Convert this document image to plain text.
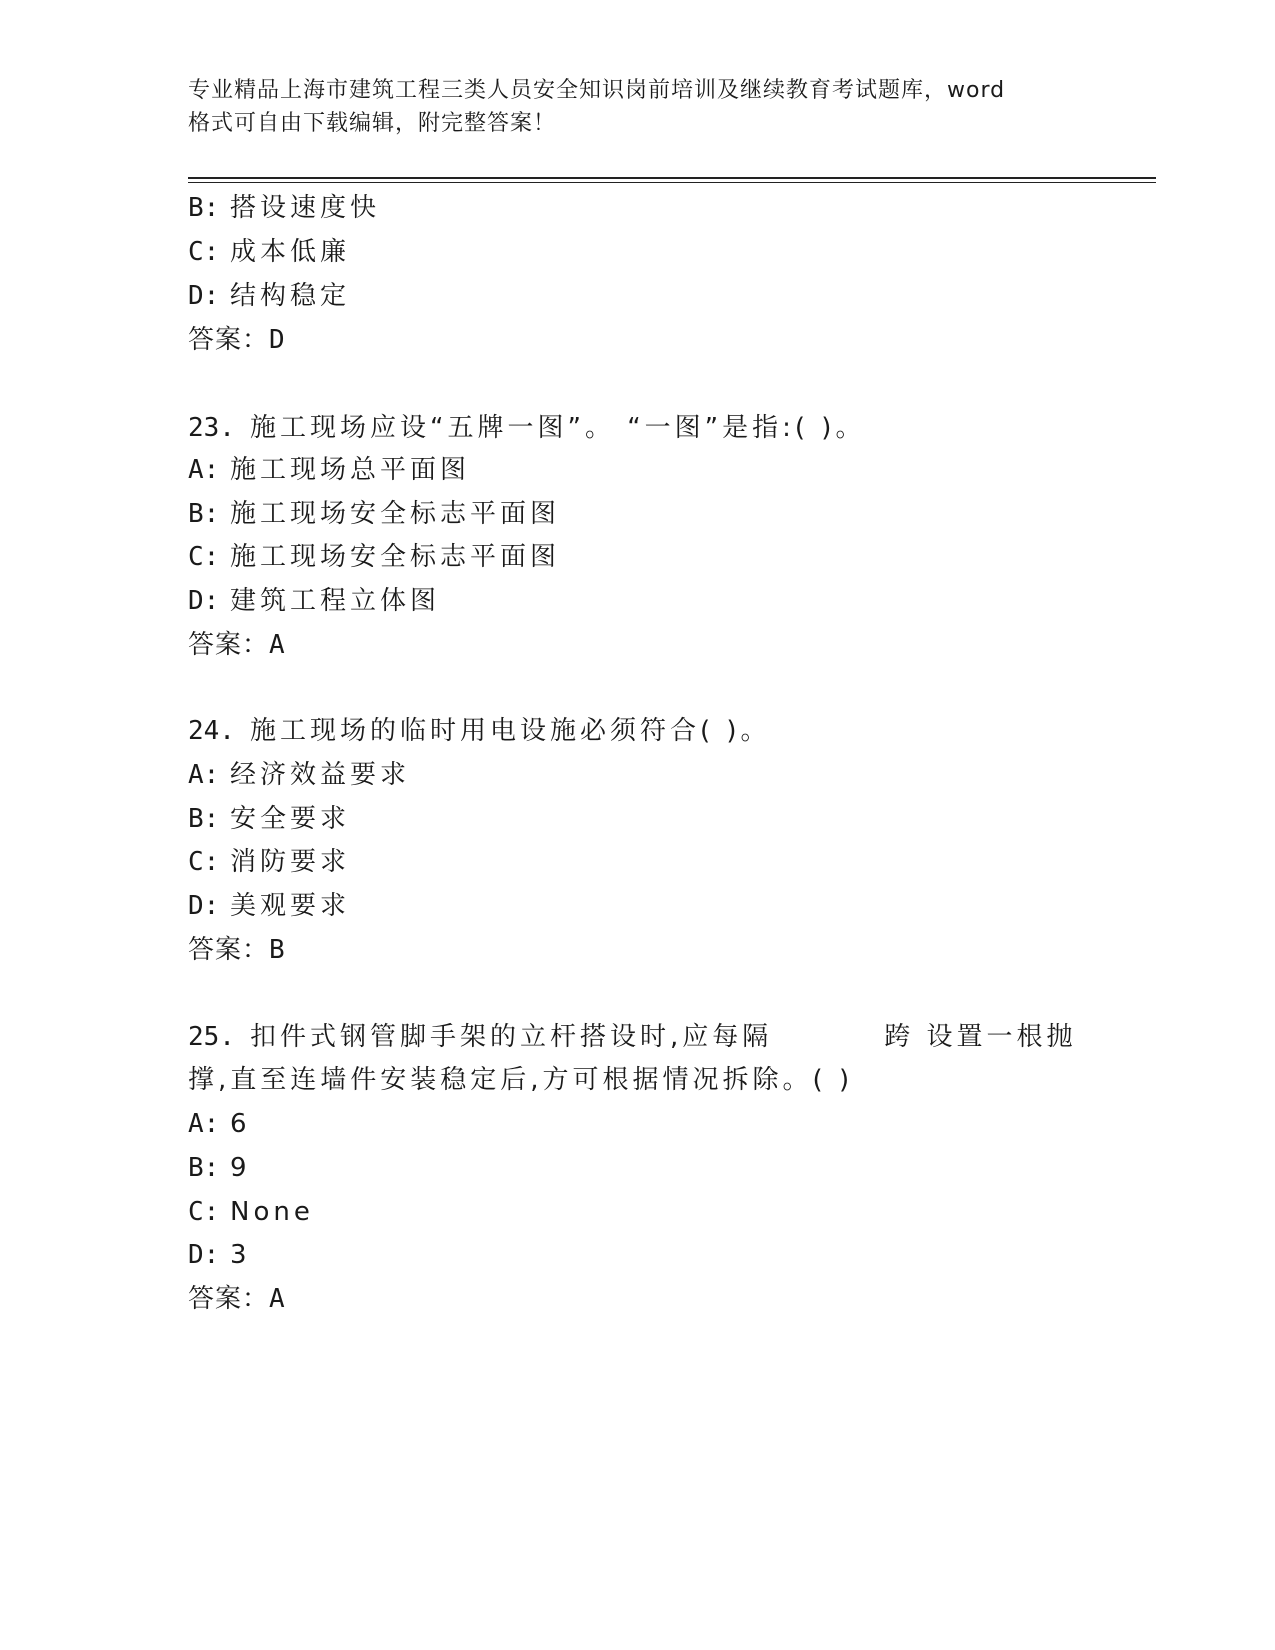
专业精品上海市建筑工程三类人员安全知识岗前培训及继续教育考试题库，word
格式可自由下载编辑，附完整答案！
B: 搭设速度快
C: 成本低廉
D: 结构稳定
答案：D
23. 施工现场应设“五牌一图”。 “一图”是指:( )。
A: 施工现场总平面图
B: 施工现场安全标志平面图
C: 施工现场安全标志平面图
D: 建筑工程立体图
答案：A
24. 施工现场的临时用电设施必须符合( )。
A: 经济效益要求
B: 安全要求
C: 消防要求
D: 美观要求
答案：B
25. 扣件式钢管脚手架的立杆搭设时,应每隔	跨 设置一根抛
撑,直至连墙件安装稳定后,方可根据情况拆除。( )
A: 6
B: 9
C: None
D: 3
答案：A
